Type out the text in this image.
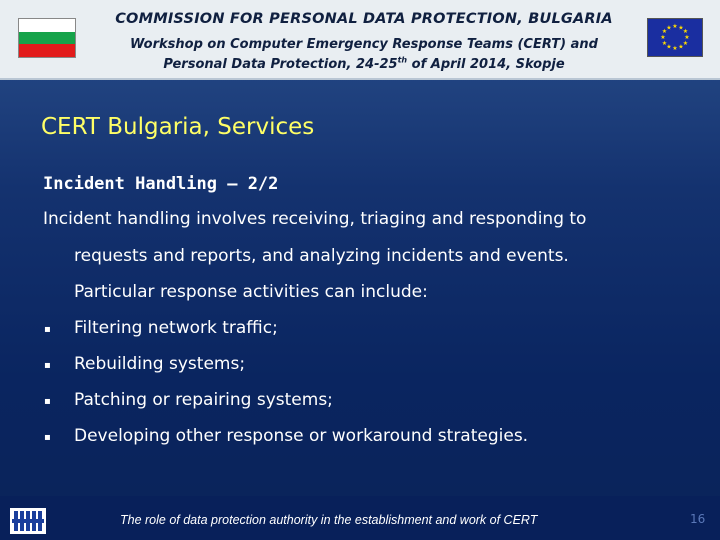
COMMISSION FOR PERSONAL DATA PROTECTION, BULGARIA
Workshop on Computer Emergency Response Teams (CERT) and
Personal Data Protection, 24-25th of April 2014, Skopje
★ ★ ★
★
★
★
★
★
★
★
★ ★
CERT Bulgaria, Services
Incident Handling – 2/2
Incident handling involves receiving, triaging and responding to
requests and reports, and analyzing incidents and events.
Particular response activities can include:
▪ Filtering network traffic;
▪ Rebuilding systems;
▪ Patching or repairing systems;
▪ Developing other response or workaround strategies.
The role of data protection authority in the establishment and work of CERT	16
